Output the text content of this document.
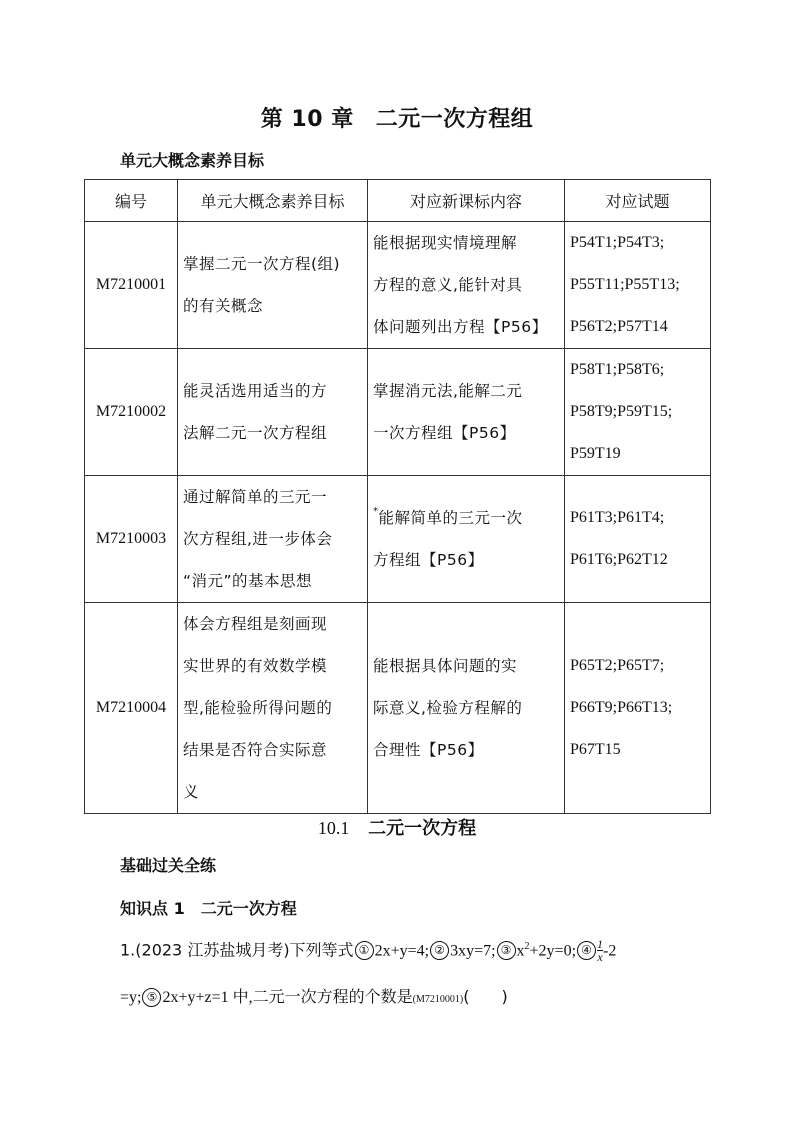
第 10 章 二元一次方程组
单元大概念素养目标
编号	单元大概念素养目标	对应新课标内容	对应试题
M7210001	掌握二元一次方程(组)
的有关概念	能根据现实情境理解
方程的意义,能针对具
体问题列出方程【P56】	P54T1;P54T3;
P55T11;P55T13;
P56T2;P57T14

M7210002	能灵活选用适当的方
法解二元一次方程组	掌握消元法,能解二元
一次方程组【P56】	P58T1;P58T6;
P58T9;P59T15;
P59T19

M7210003	通过解简单的三元一
次方程组,进一步体会
“消元”的基本思想	*能解简单的三元一次
方程组【P56】	P61T3;P61T4;
P61T6;P62T12

M7210004	体会方程组是刻画现
实世界的有效数学模
型,能检验所得问题的
结果是否符合实际意
义	能根据具体问题的实
际意义,检验方程解的
合理性【P56】	P65T2;P65T7;
P66T9;P66T13;
P67T15
10.1 二元一次方程
基础过关全练
知识点 1　二元一次方程
1.(2023 江苏盐城月考)下列等式 ① 2x+y=4; ② 3xy=7; ③ $x^2+2y=0$; ④ $\frac{1}{x} -2$
=y; ⑤ 2x+y+z=1 中,二元一次方程的个数是(M7210001)(　　)
